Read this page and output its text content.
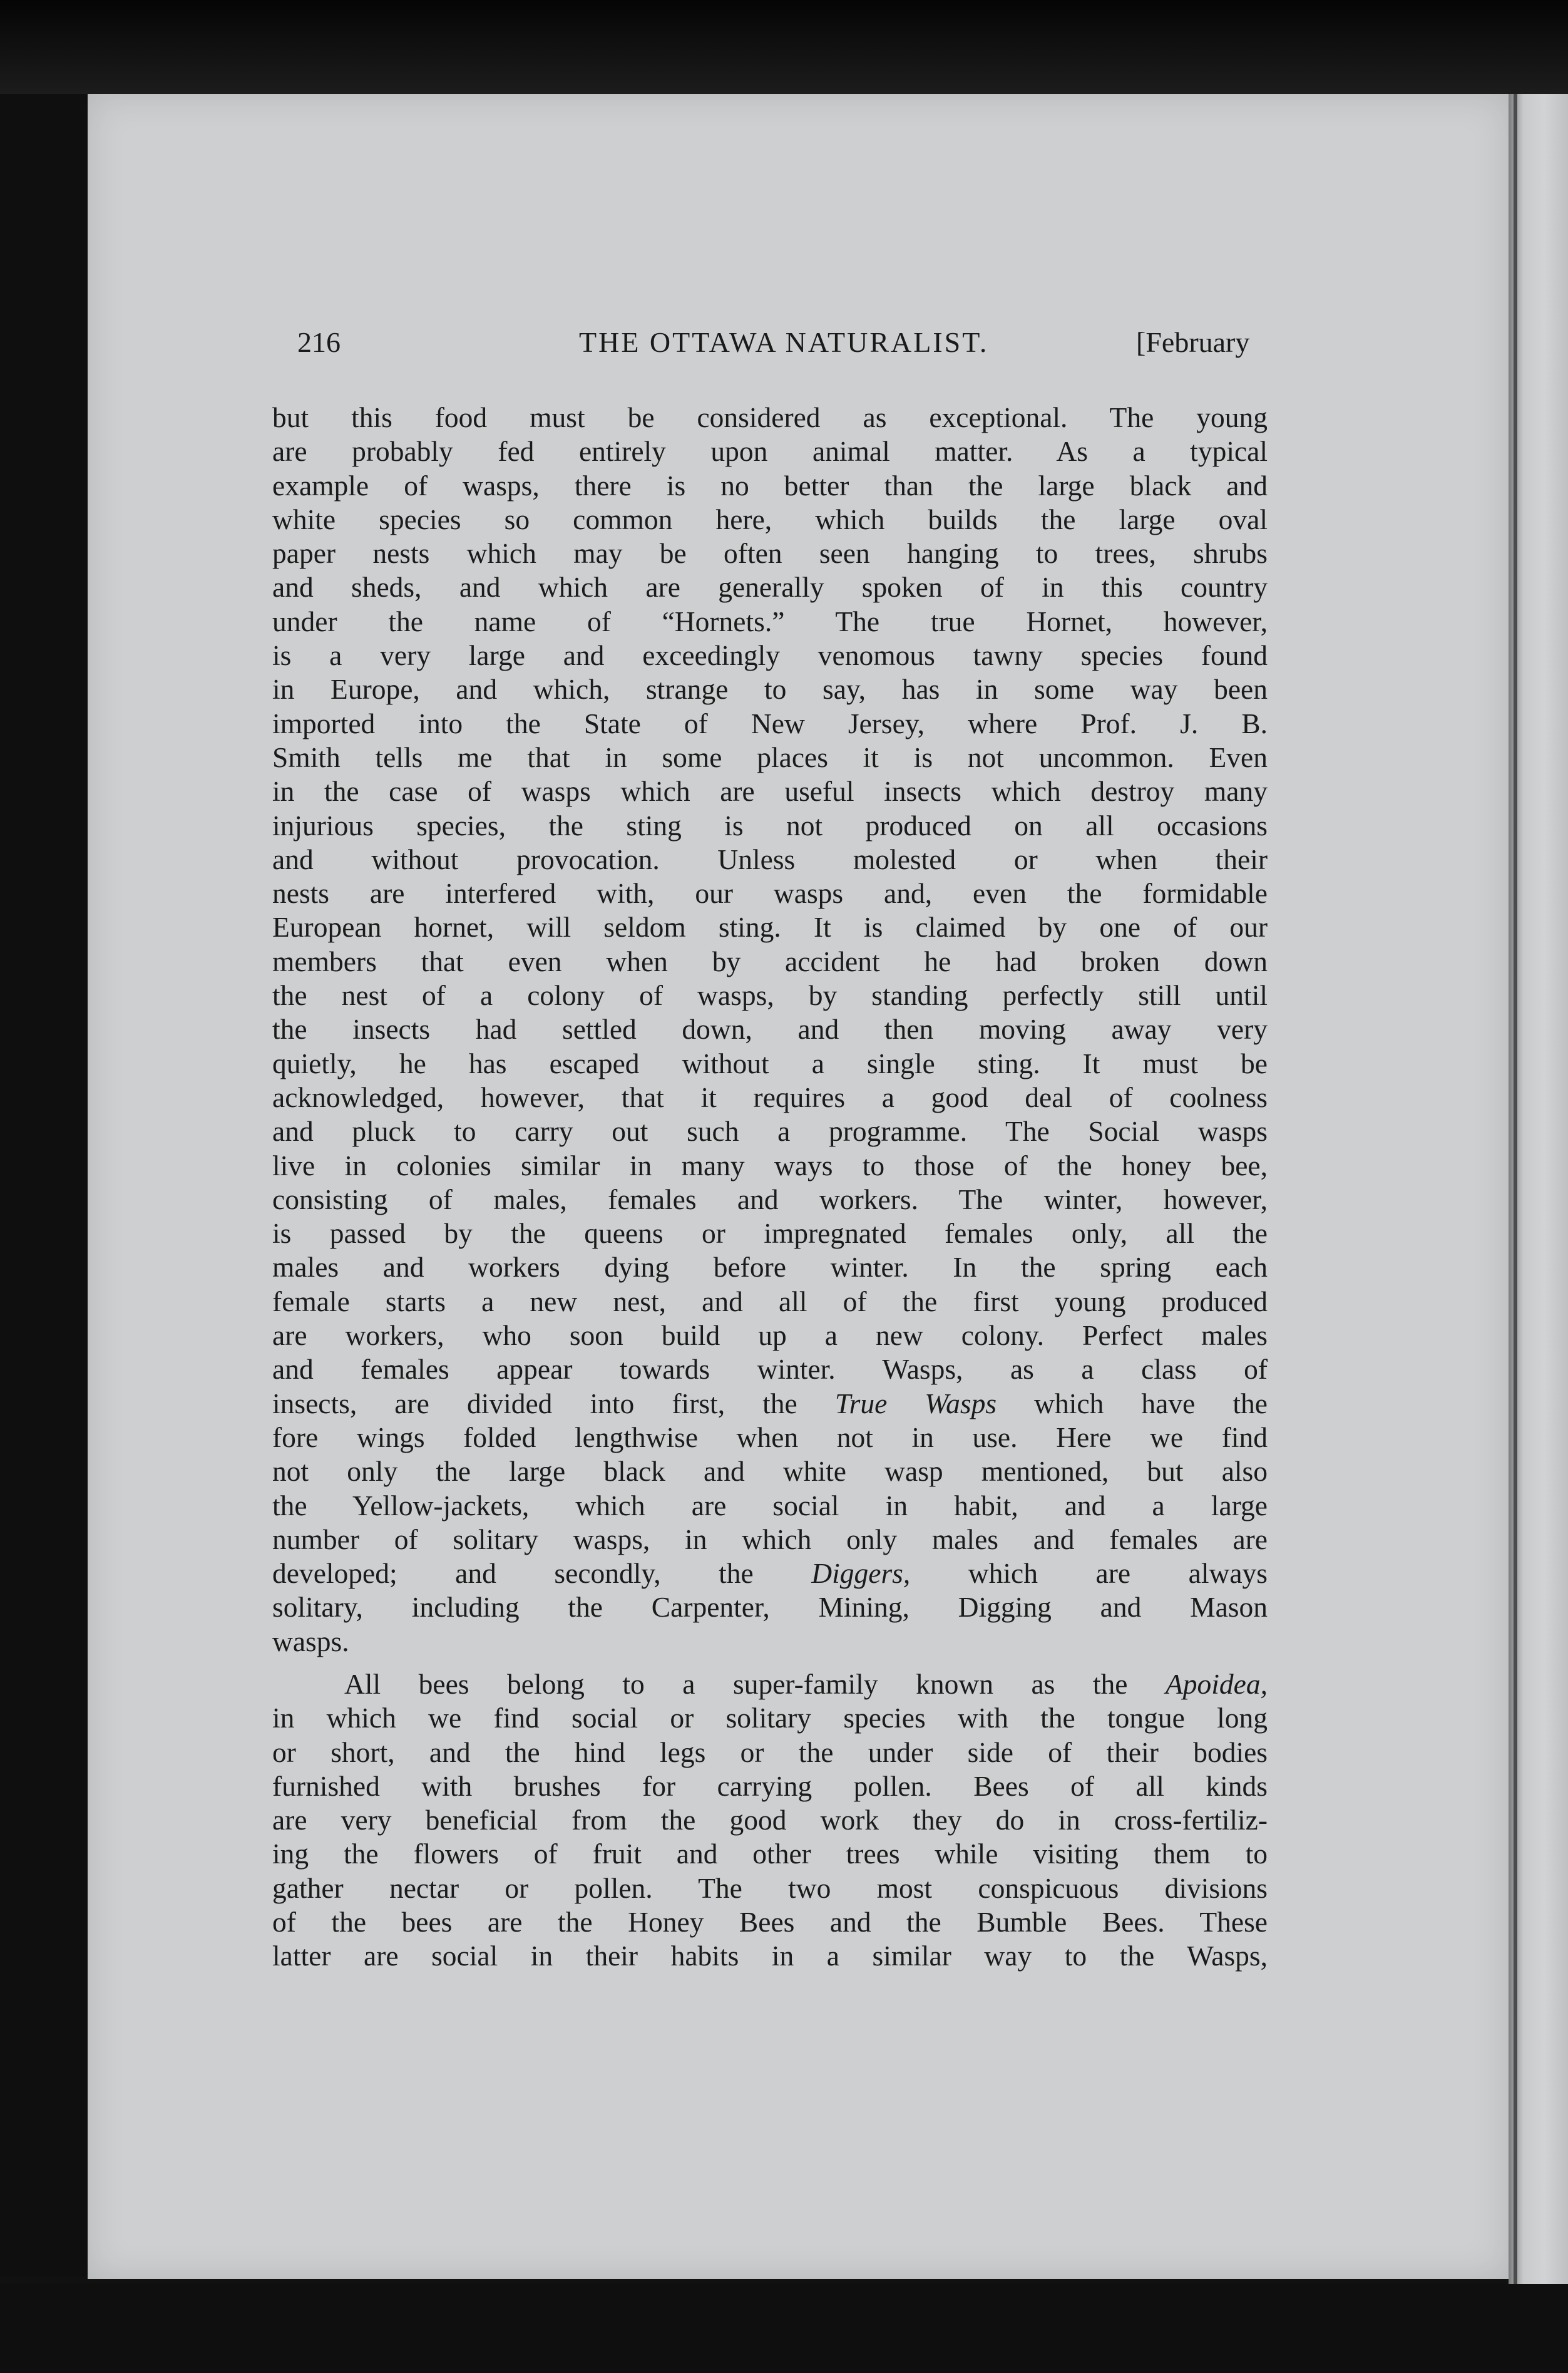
216	THE OTTAWA NATURALIST.	[February
but this food must be considered as exceptional. The young
are probably fed entirely upon animal matter. As a typical
example of wasps, there is no better than the large black and
white species so common here, which builds the large oval
paper nests which may be often seen hanging to trees, shrubs
and sheds, and which are generally spoken of in this country
under the name of “Hornets.” The true Hornet, however,
is a very large and exceedingly venomous tawny species found
in Europe, and which, strange to say, has in some way been
imported into the State of New Jersey, where Prof. J. B.
Smith tells me that in some places it is not uncommon. Even
in the case of wasps which are useful insects which destroy many
injurious species, the sting is not produced on all occasions
and without provocation. Unless molested or when their
nests are interfered with, our wasps and, even the formidable
European hornet, will seldom sting. It is claimed by one of our
members that even when by accident he had broken down
the nest of a colony of wasps, by standing perfectly still until
the insects had settled down, and then moving away very
quietly, he has escaped without a single sting. It must be
acknowledged, however, that it requires a good deal of coolness
and pluck to carry out such a programme. The Social wasps
live in colonies similar in many ways to those of the honey bee,
consisting of males, females and workers. The winter, however,
is passed by the queens or impregnated females only, all the
males and workers dying before winter. In the spring each
female starts a new nest, and all of the first young produced
are workers, who soon build up a new colony. Perfect males
and females appear towards winter. Wasps, as a class of
insects, are divided into first, the True Wasps which have the
fore wings folded lengthwise when not in use. Here we find
not only the large black and white wasp mentioned, but also
the Yellow-jackets, which are social in habit, and a large
number of solitary wasps, in which only males and females are
developed; and secondly, the Diggers, which are always
solitary, including the Carpenter, Mining, Digging and Mason
wasps.
All bees belong to a super-family known as the Apoidea,
in which we find social or solitary species with the tongue long
or short, and the hind legs or the under side of their bodies
furnished with brushes for carrying pollen. Bees of all kinds
are very beneficial from the good work they do in cross-fertiliz-
ing the flowers of fruit and other trees while visiting them to
gather nectar or pollen. The two most conspicuous divisions
of the bees are the Honey Bees and the Bumble Bees. These
latter are social in their habits in a similar way to the Wasps,
